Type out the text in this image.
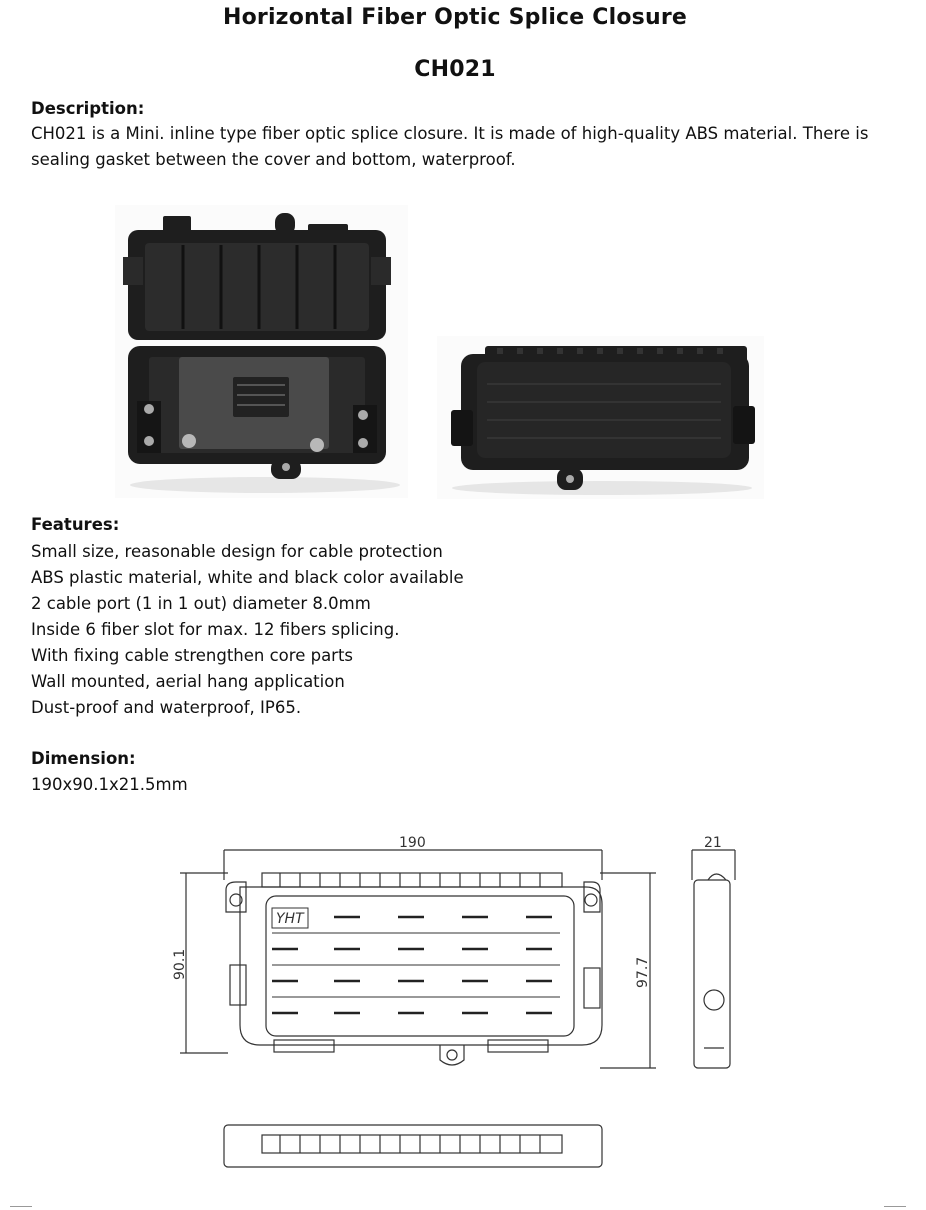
Horizontal Fiber Optic Splice Closure
CH021
Description:

CH021 is a Mini. inline type fiber optic splice closure. It is made of high-quality ABS material. There is sealing gasket between the cover and bottom, waterproof.

Features:
Small size, reasonable design for cable protection
ABS plastic material, white and black color available
2 cable port (1 in 1 out) diameter 8.0mm
Inside 6 fiber slot for max. 12 fibers splicing.
With fixing cable strengthen core parts
Wall mounted, aerial hang application
Dust-proof and waterproof, IP65.
Dimension:
190x90.1x21.5mm
YHT
190	21
90.1	97.7
